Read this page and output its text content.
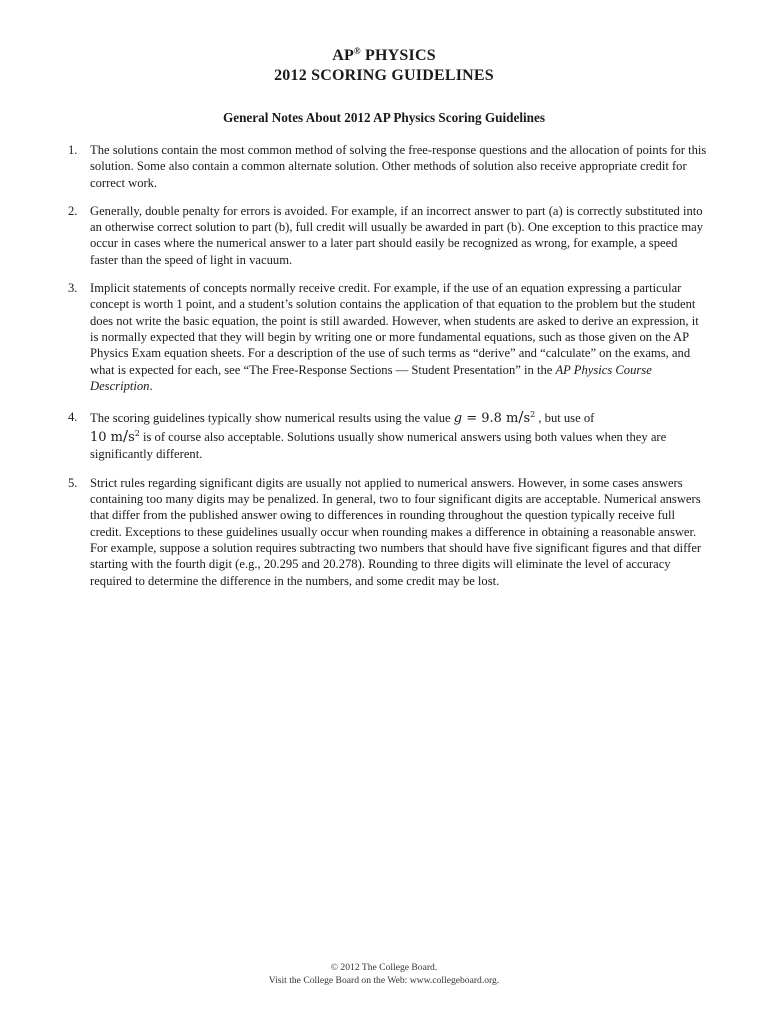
AP® PHYSICS
2012 SCORING GUIDELINES
General Notes About 2012 AP Physics Scoring Guidelines
1. The solutions contain the most common method of solving the free-response questions and the allocation of points for this solution. Some also contain a common alternate solution. Other methods of solution also receive appropriate credit for correct work.
2. Generally, double penalty for errors is avoided. For example, if an incorrect answer to part (a) is correctly substituted into an otherwise correct solution to part (b), full credit will usually be awarded in part (b). One exception to this practice may occur in cases where the numerical answer to a later part should easily be recognized as wrong, for example, a speed faster than the speed of light in vacuum.
3. Implicit statements of concepts normally receive credit. For example, if the use of an equation expressing a particular concept is worth 1 point, and a student’s solution contains the application of that equation to the problem but the student does not write the basic equation, the point is still awarded. However, when students are asked to derive an expression, it is normally expected that they will begin by writing one or more fundamental equations, such as those given on the AP Physics Exam equation sheets. For a description of the use of such terms as “derive” and “calculate” on the exams, and what is expected for each, see “The Free-Response Sections — Student Presentation” in the AP Physics Course Description.
4. The scoring guidelines typically show numerical results using the value g = 9.8 $m/s^2$ , but use of
10 $m/s^2$ is of course also acceptable. Solutions usually show numerical answers using both values when they are significantly different.
5. Strict rules regarding significant digits are usually not applied to numerical answers. However, in some cases answers containing too many digits may be penalized. In general, two to four significant digits are acceptable. Numerical answers that differ from the published answer owing to differences in rounding throughout the question typically receive full credit. Exceptions to these guidelines usually occur when rounding makes a difference in obtaining a reasonable answer. For example, suppose a solution requires subtracting two numbers that should have five significant figures and that differ starting with the fourth digit (e.g., 20.295 and 20.278). Rounding to three digits will eliminate the level of accuracy required to determine the difference in the numbers, and some credit may be lost.
© 2012 The College Board.
Visit the College Board on the Web: www.collegeboard.org.
